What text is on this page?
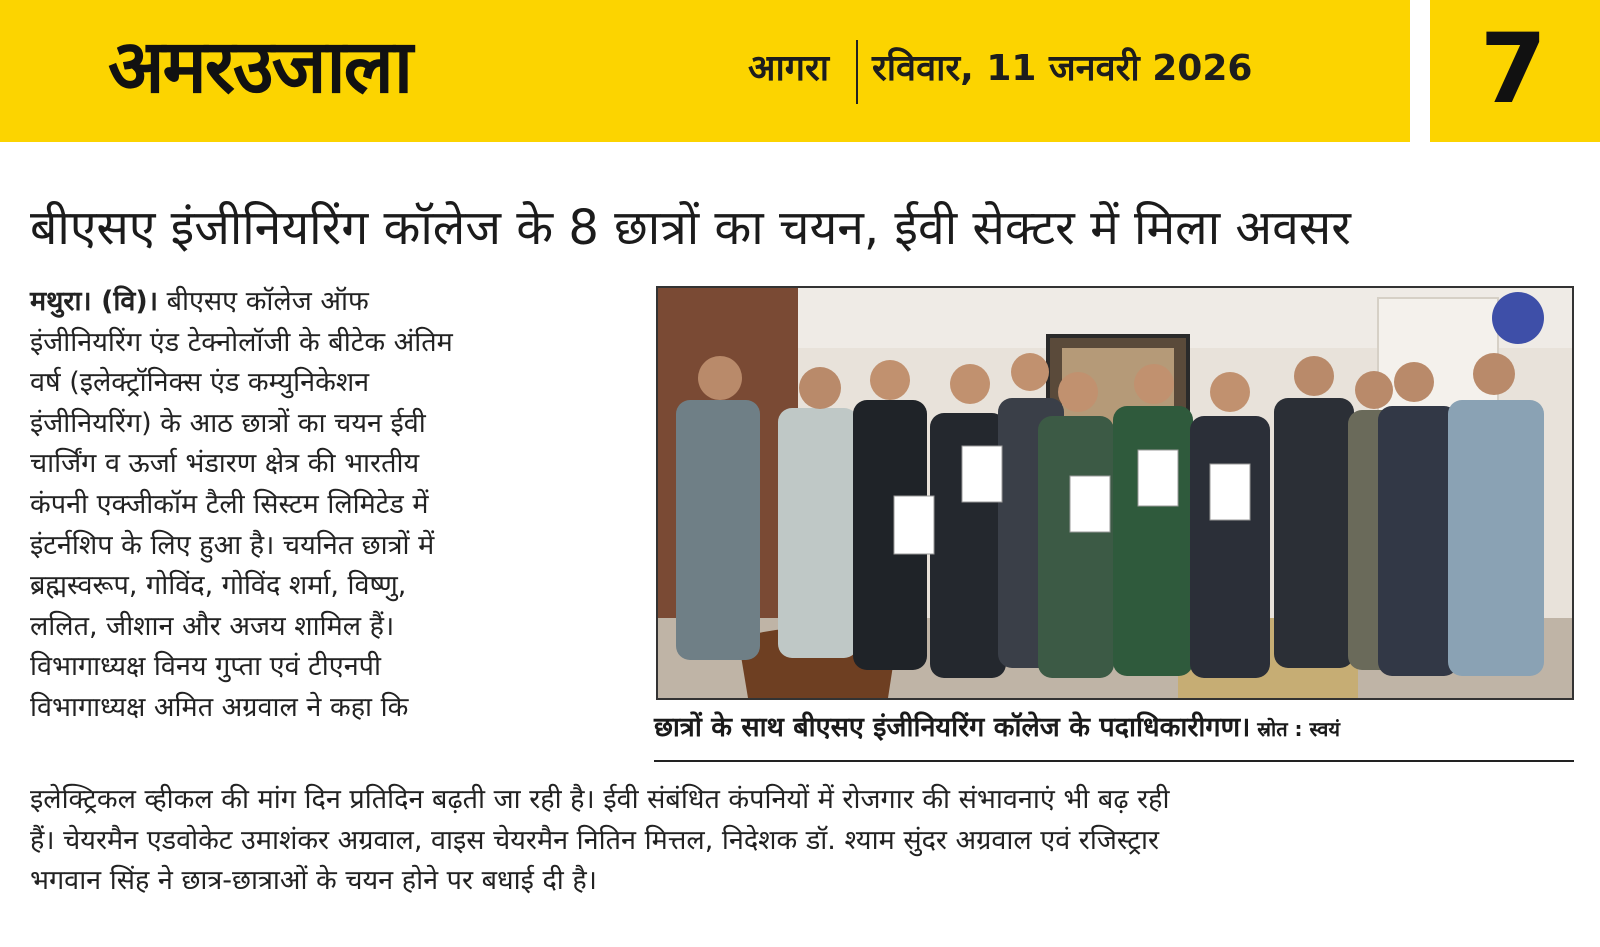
अमरउजाला	आगरा रविवार, 11 जनवरी 2026 7
बीएसए इंजीनियरिंग कॉलेज के 8 छात्रों का चयन, ईवी सेक्टर में मिला अवसर

मथुरा। (वि)। बीएसए कॉलेज ऑफ

इंजीनियरिंग एंड टेक्नोलॉजी के बीटेक अंतिम

वर्ष (इलेक्ट्रॉनिक्स एंड कम्युनिकेशन

इंजीनियरिंग) के आठ छात्रों का चयन ईवी

चार्जिंग व ऊर्जा भंडारण क्षेत्र की भारतीय

कंपनी एक्जीकॉम टैली सिस्टम लिमिटेड में

इंटर्नशिप के लिए हुआ है। चयनित छात्रों में

ब्रह्मस्वरूप, गोविंद, गोविंद शर्मा, विष्णु,

ललित, जीशान और अजय शामिल हैं।

विभागाध्यक्ष विनय गुप्ता एवं टीएनपी

विभागाध्यक्ष अमित अग्रवाल ने कहा कि

छात्रों के साथ बीएसए इंजीनियरिंग कॉलेज के पदाधिकारीगण। स्रोत : स्वयं

इलेक्ट्रिकल व्हीकल की मांग दिन प्रतिदिन बढ़ती जा रही है। ईवी संबंधित कंपनियों में रोजगार की संभावनाएं भी बढ़ रही

हैं। चेयरमैन एडवोकेट उमाशंकर अग्रवाल, वाइस चेयरमैन नितिन मित्तल, निदेशक डॉ. श्याम सुंदर अग्रवाल एवं रजिस्ट्रार

भगवान सिंह ने छात्र-छात्राओं के चयन होने पर बधाई दी है।
